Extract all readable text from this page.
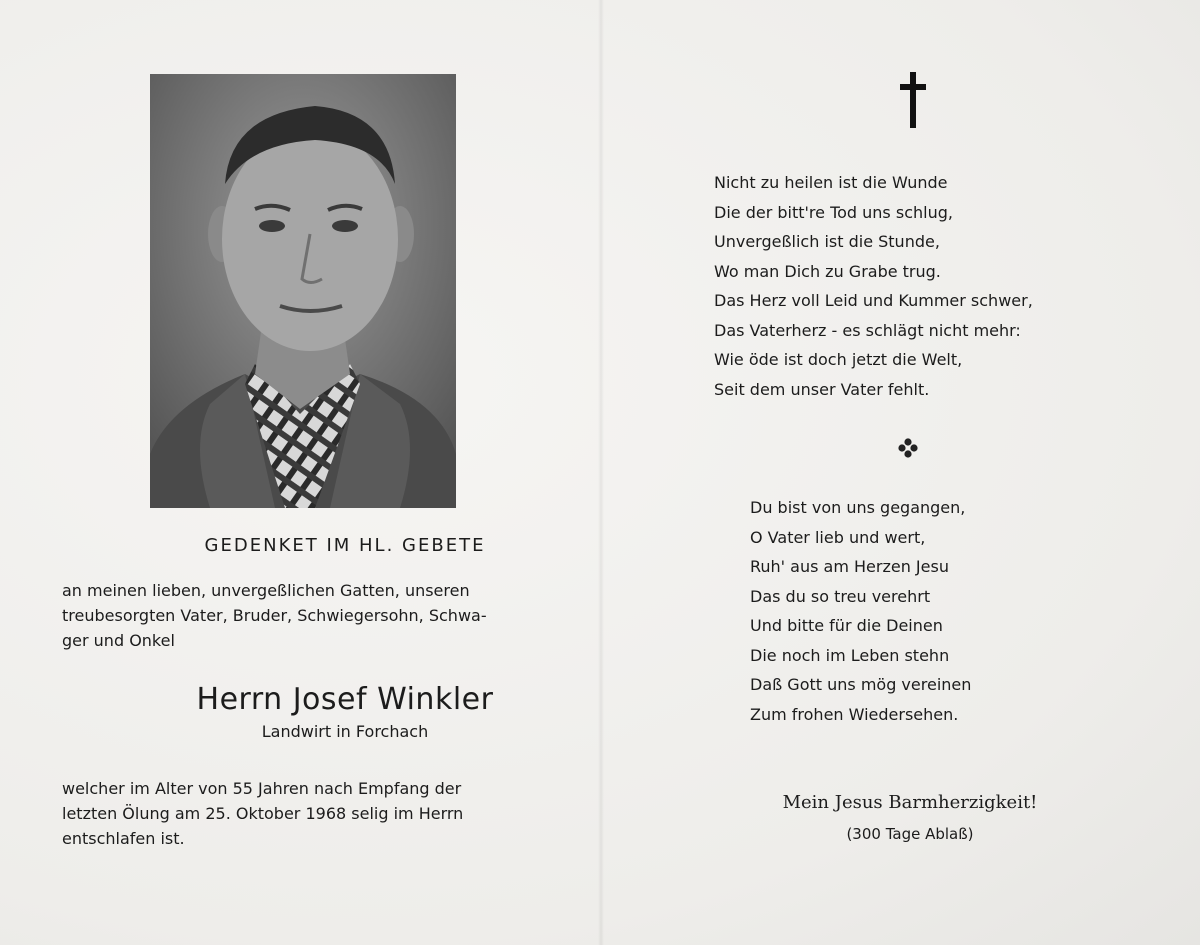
GEDENKET IM HL. GEBETE
an meinen lieben, unvergeßlichen Gatten, unseren
treubesorgten Vater, Bruder, Schwiegersohn, Schwa-
ger und Onkel
Herrn Josef Winkler
Landwirt in Forchach
welcher im Alter von 55 Jahren nach Empfang der
letzten Ölung am 25. Oktober 1968 selig im Herrn
entschlafen ist.
Nicht zu heilen ist die Wunde
Die der bitt're Tod uns schlug,
Unvergeßlich ist die Stunde,
Wo man Dich zu Grabe trug.
Das Herz voll Leid und Kummer schwer,
Das Vaterherz - es schlägt nicht mehr:
Wie öde ist doch jetzt die Welt,
Seit dem unser Vater fehlt.
Du bist von uns gegangen,
O Vater lieb und wert,
Ruh' aus am Herzen Jesu
Das du so treu verehrt
Und bitte für die Deinen
Die noch im Leben stehn
Daß Gott uns mög vereinen
Zum frohen Wiedersehen.
Mein Jesus Barmherzigkeit!
(300 Tage Ablaß)
